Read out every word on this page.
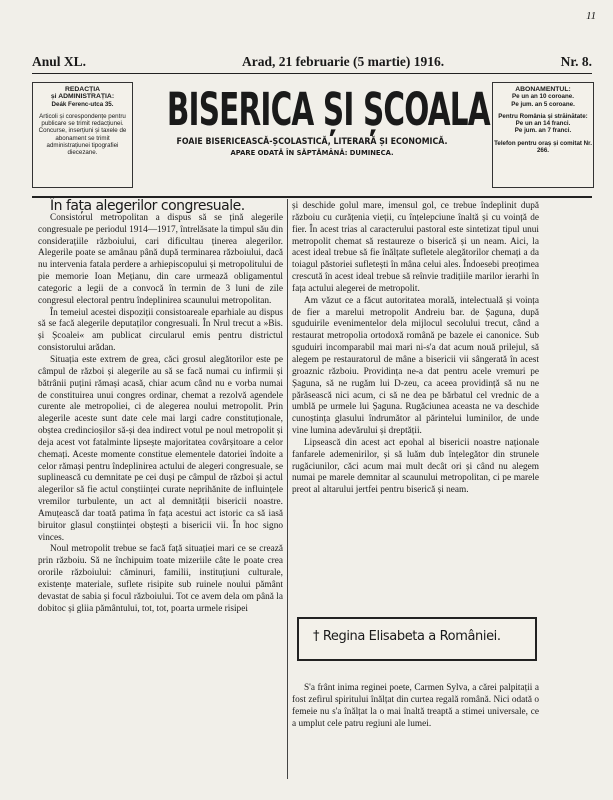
11
Anul XL.	Arad, 21 februarie (5 martie) 1916.	Nr. 8.

REDACȚIA

și ADMINISTRAȚIA:

Deák Ferenc-utca 35.

Articoli și corespondențe pentru publicare se trimit redacțiunei.

Concurse, inserțiuni și taxele de abonament se trimit administrațiunei tipografiei diecezane.

BISERICA ȘI ȘCOALA
FOAIE BISERICEASCĂ-ȘCOLASTICĂ, LITERARĂ ȘI ECONOMICĂ.
APARE ODATĂ ÎN SĂPTĂMÂNĂ: DUMINECA.

ABONAMENTUL:

Pe un an 10 coroane.

Pe jum. an 5 coroane.

Pentru România și străinătate:

Pe un an 14 franci.

Pe jum. an 7 franci.

Telefon pentru oraș și comitat Nr. 266.

În fața alegerilor congresuale.

Consistorul metropolitan a dispus să se țină alegerile congresuale pe periodul 1914—1917, întrelăsate la timpul său din considerațiile războiului, cari dificultau ținerea alegerilor. Alegerile poate se amânau până după terminarea războiului, dacă nu intervenia fatala perdere a arhiepiscopului și metropolitului de pie memorie Ioan Mețianu, din care urmează obligamentul categoric a legii de a convocă în termin de 3 luni de zile congresul electoral pentru îndeplinirea scaunului metropolitan.

În temeiul acestei dispoziții consistoareale eparhiale au dispus să se facă alegerile deputaților congresuali. În Nrul trecut a »Bis. și Școalei« am publicat circularul emis pentru districtul consistorului arădan.

Situația este extrem de grea, căci grosul alegătorilor este pe câmpul de război și alegerile au să se facă numai cu infirmii și bătrânii puțini rămași acasă, chiar acum când nu e vorba numai de constituirea unui congres ordinar, chemat a rezolvă agendele curente ale metropoliei, ci de alegerea noului metropolit. Prin alegerile aceste sunt date cele mai largi cadre constituționale, obștea credincioșilor să-și dea indirect votul pe noul metropolit și deja acest vot fatalminte lipsește majoritatea covârșitoare a celor chemați. Aceste momente constitue elementele datoriei îndoite a celor rămași pentru îndeplinirea actului de alegeri congresuale, se suplinească cu demnitate pe cei duși pe câmpul de război și actul alegerilor să fie actul conștiinței curate neprihănite de influințele vremilor turbulente, un act al demnității bisericii noastre. Amuțească dar toată patima în fața acestui act istoric ca să iasă biruitor glasul conștiinței obștești a bisericii vii. În hoc signo vinces.

Noul metropolit trebue se facă față situației mari ce se crează prin războiu. Să ne închipuim toate mizeriile câte le poate crea ororile războiului: căminuri, familii, instituțiuni culturale, existențe materiale, suflete risipite sub ruinele noului pământ devastat de sabia și focul războiului. Tot ce avem dela om până la dobitoc și gliia pământului, tot, tot, poarta urmele risipei

și deschide golul mare, imensul gol, ce trebue îndeplinit după războiu cu curățenia vieții, cu înțelepciune înaltă și cu voință de fier. În acest trias al caracterului pastoral este sintetizat tipul unui metropolit chemat să restaureze o biserică și un neam. Aici, la acest ideal trebue să fie înălțate sufletele alegătorilor chemați a da toiagul păstoriei sufletești în mâna celui ales. Îndoesebi preoțimea crescută în acest ideal trebue să reînvie tradițiile marilor ierarhi în fața actului alegerei de metropolit.

Am văzut ce a făcut autoritatea morală, intelectuală și voința de fier a marelui metropolit Andreiu bar. de Șaguna, după sguduirile evenimentelor dela mijlocul secolului trecut, când a restaurat metropolia ortodoxă română pe bazele ei canonice. Sub sguduiri incomparabil mai mari ni-s'a dat acum nouă prilejul, să alegem pe restauratorul de mâne a bisericii vii sângerată în acest groaznic războiu. Providința ne-a dat pentru acele vremuri pe Șaguna, să ne rugăm lui D-zeu, ca aceea providință să nu ne părăsească nici acum, ci să ne dea pe bărbatul cel vrednic de a umblă pe urmele lui Șaguna. Rugăciunea aceasta ne va deschide cunoștința glasului îndrumător al părintelui luminilor, de unde vine lumina adevărului și dreptății.

Lipsească din acest act epohal al bisericii noastre naționale fanfarele ademenirilor, și să luăm dub înțelegător din strunele rugăciunilor, căci acum mai mult decât ori și când nu alegem numai pe marele demnitar al scaunului metropolitan, ci pe marele preot al altarului jertfei pentru biserică și neam.

† Regina Elisabeta a României.

S'a frânt inima reginei poete, Carmen Sylva, a cărei palpitații a fost zefirul spiritului înălțat din curtea regală română. Nici odată o femeie nu s'a înălțat la o mai înaltă treaptă a stimei universale, ce a umplut cele patru regiuni ale lumei.
